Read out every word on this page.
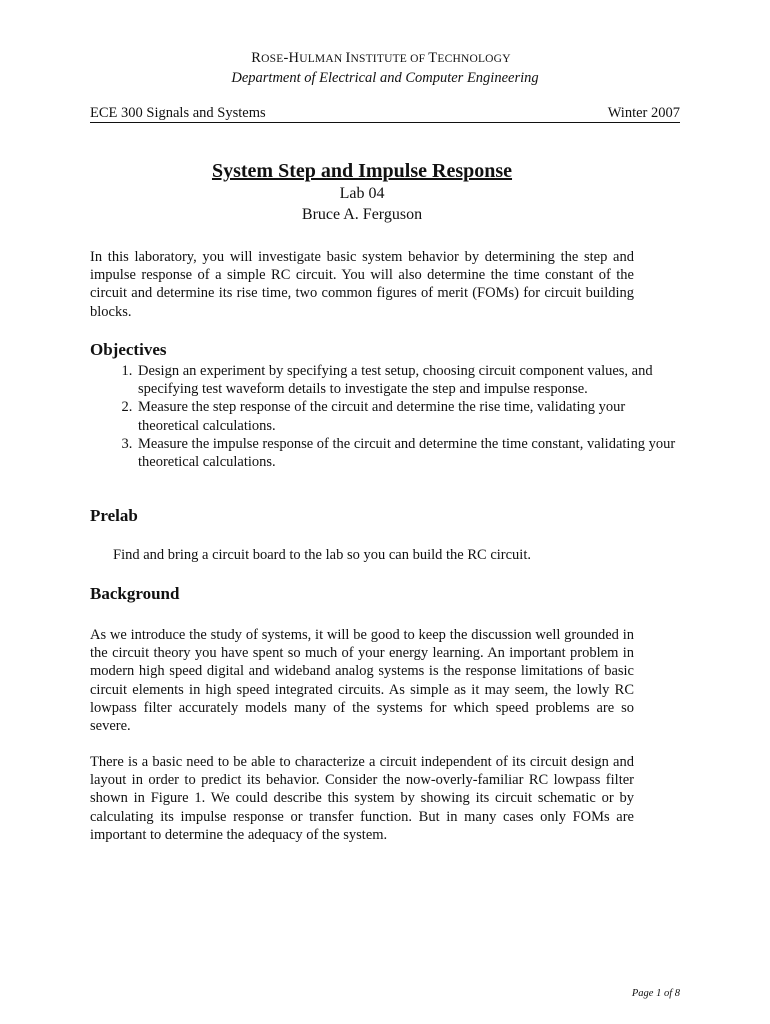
ROSE-HULMAN INSTITUTE OF TECHNOLOGY
Department of Electrical and Computer Engineering
ECE 300 Signals and Systems	Winter 2007
System Step and Impulse Response
Lab 04
Bruce A. Ferguson

In this laboratory, you will investigate basic system behavior by determining the step and impulse response of a simple RC circuit. You will also determine the time constant of the circuit and determine its rise time, two common figures of merit (FOMs) for circuit building blocks.

Objectives
1. Design an experiment by specifying a test setup, choosing circuit component values, and specifying test waveform details to investigate the step and impulse response.
2. Measure the step response of the circuit and determine the rise time, validating your theoretical calculations.
3. Measure the impulse response of the circuit and determine the time constant, validating your theoretical calculations.
Prelab

Find and bring a circuit board to the lab so you can build the RC circuit.

Background

As we introduce the study of systems, it will be good to keep the discussion well grounded in the circuit theory you have spent so much of your energy learning. An important problem in modern high speed digital and wideband analog systems is the response limitations of basic circuit elements in high speed integrated circuits. As simple as it may seem, the lowly RC lowpass filter accurately models many of the systems for which speed problems are so severe.

There is a basic need to be able to characterize a circuit independent of its circuit design and layout in order to predict its behavior. Consider the now-overly-familiar RC lowpass filter shown in Figure 1. We could describe this system by showing its circuit schematic or by calculating its impulse response or transfer function. But in many cases only FOMs are important to determine the adequacy of the system.

Page 1 of 8
